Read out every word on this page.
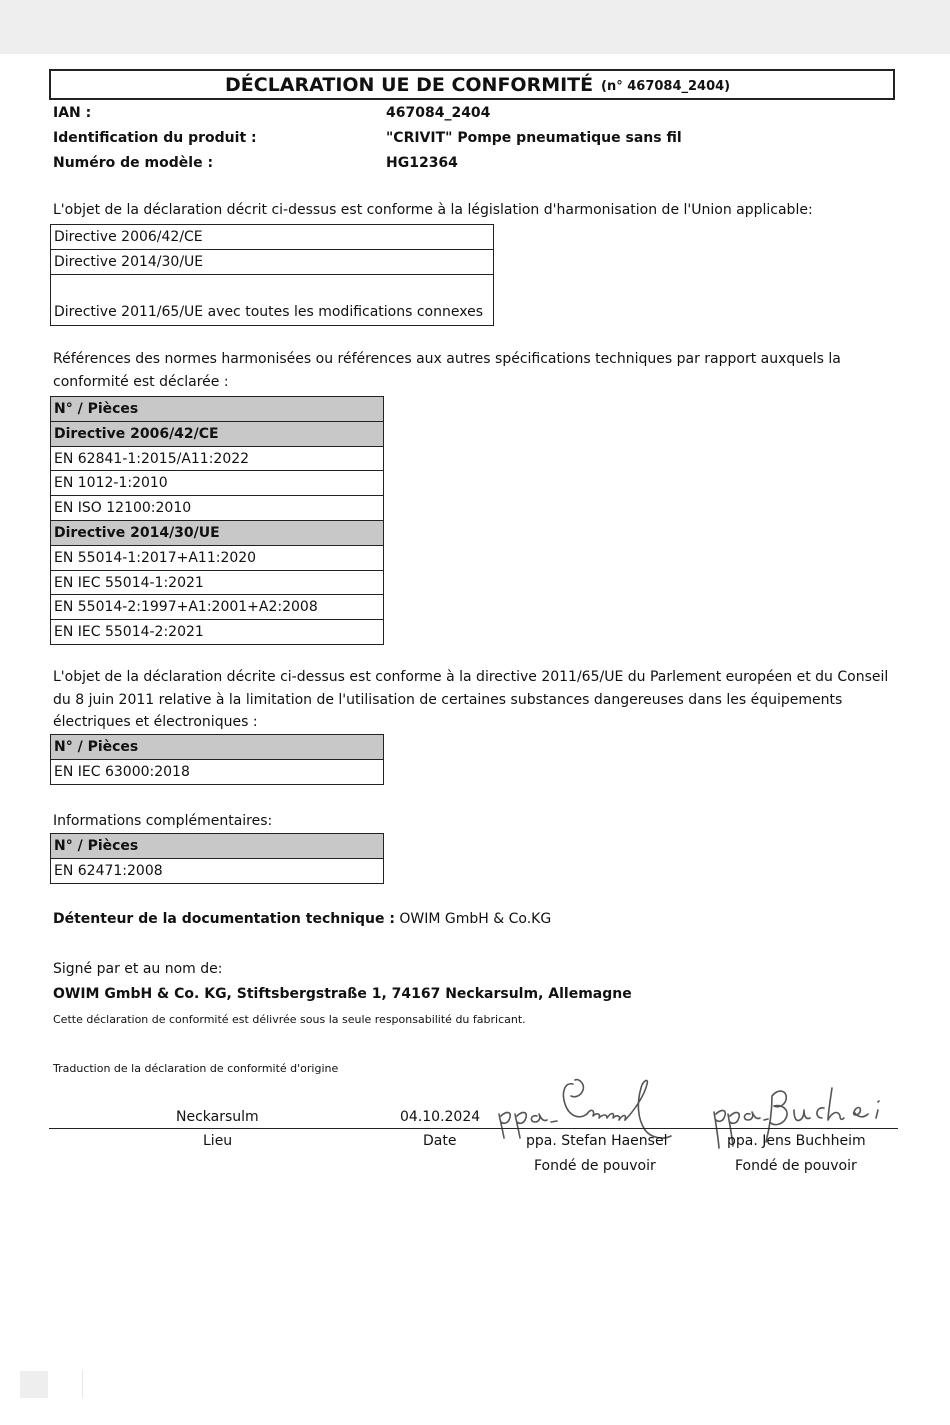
DÉCLARATION UE DE CONFORMITÉ (n° 467084_2404)
IAN :	467084_2404
Identification du produit :	"CRIVIT" Pompe pneumatique sans fil
Numéro de modèle :	HG12364
L'objet de la déclaration décrit ci-dessus est conforme à la législation d'harmonisation de l'Union applicable:
Directive 2006/42/CE
Directive 2014/30/UE
Directive 2011/65/UE avec toutes les modifications connexes
Références des normes harmonisées ou références aux autres spécifications techniques par rapport auxquels la
conformité est déclarée :
N° / Pièces
Directive 2006/42/CE
EN 62841-1:2015/A11:2022
EN 1012-1:2010
EN ISO 12100:2010
Directive 2014/30/UE
EN 55014-1:2017+A11:2020
EN IEC 55014-1:2021
EN 55014-2:1997+A1:2001+A2:2008
EN IEC 55014-2:2021
L'objet de la déclaration décrite ci-dessus est conforme à la directive 2011/65/UE du Parlement européen et du Conseil
du 8 juin 2011 relative à la limitation de l'utilisation de certaines substances dangereuses dans les équipements
électriques et électroniques :
N° / Pièces
EN IEC 63000:2018
Informations complémentaires:
N° / Pièces
EN 62471:2008
Détenteur de la documentation technique : OWIM GmbH & Co.KG
Signé par et au nom de:
OWIM GmbH & Co. KG, Stiftsbergstraße 1, 74167 Neckarsulm, Allemagne
Cette déclaration de conformité est délivrée sous la seule responsabilité du fabricant.
Traduction de la déclaration de conformité d'origine
Neckarsulm	04.10.2024
Lieu	Date	ppa. Stefan Haensel	ppa. Jens Buchheim
Fondé de pouvoir	Fondé de pouvoir
